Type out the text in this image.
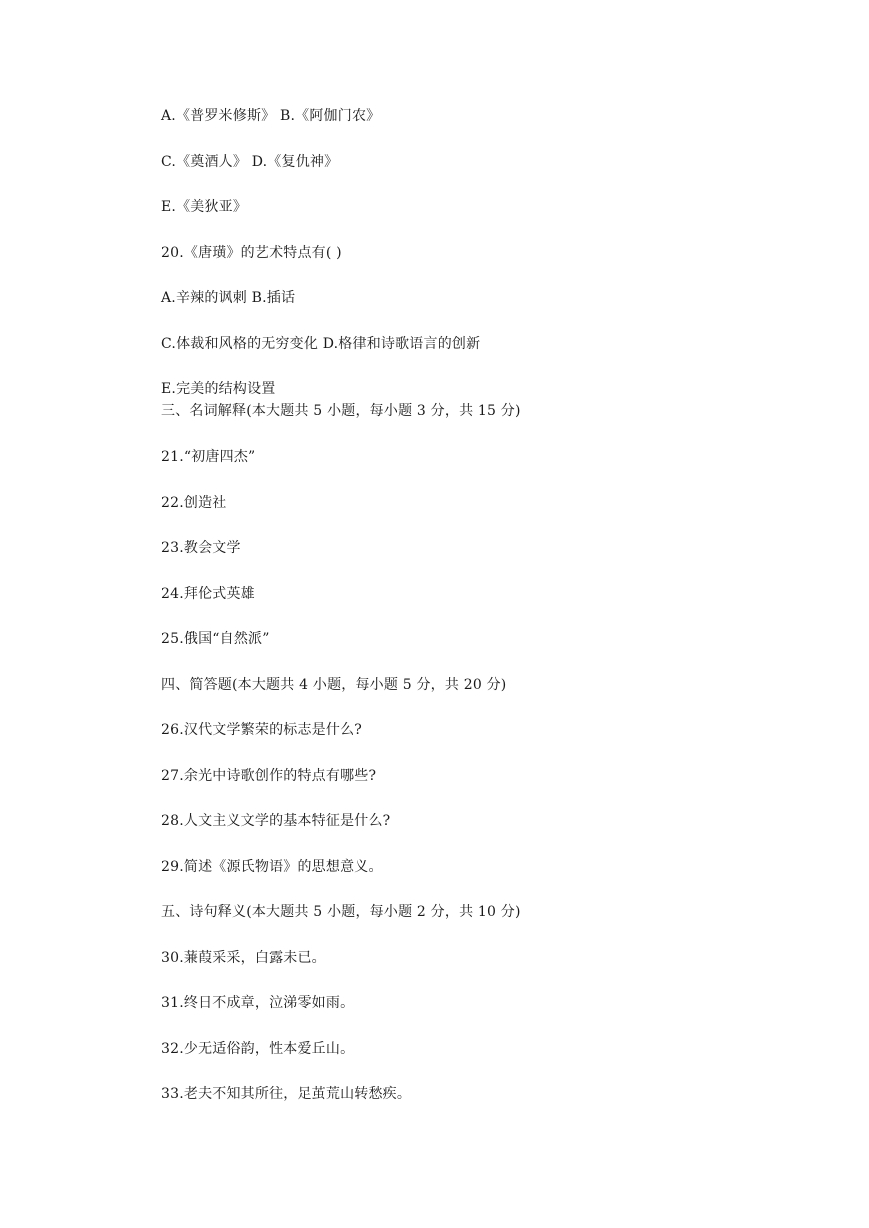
A.《普罗米修斯》 B.《阿伽门农》
C.《奠酒人》 D.《复仇神》
E.《美狄亚》
20.《唐璜》的艺术特点有( )
A.辛辣的讽刺 B.插话
C.体裁和风格的无穷变化 D.格律和诗歌语言的创新
E.完美的结构设置
三、名词解释(本大题共 5 小题，每小题 3 分，共 15 分)
21.“初唐四杰”
22.创造社
23.教会文学
24.拜伦式英雄
25.俄国“自然派”
四、简答题(本大题共 4 小题，每小题 5 分，共 20 分)
26.汉代文学繁荣的标志是什么?
27.余光中诗歌创作的特点有哪些?
28.人文主义文学的基本特征是什么?
29.简述《源氏物语》的思想意义。
五、诗句释义(本大题共 5 小题，每小题 2 分，共 10 分)
30.蒹葭采采，白露未已。
31.终日不成章，泣涕零如雨。
32.少无适俗韵，性本爱丘山。
33.老夫不知其所往，足茧荒山转愁疾。
